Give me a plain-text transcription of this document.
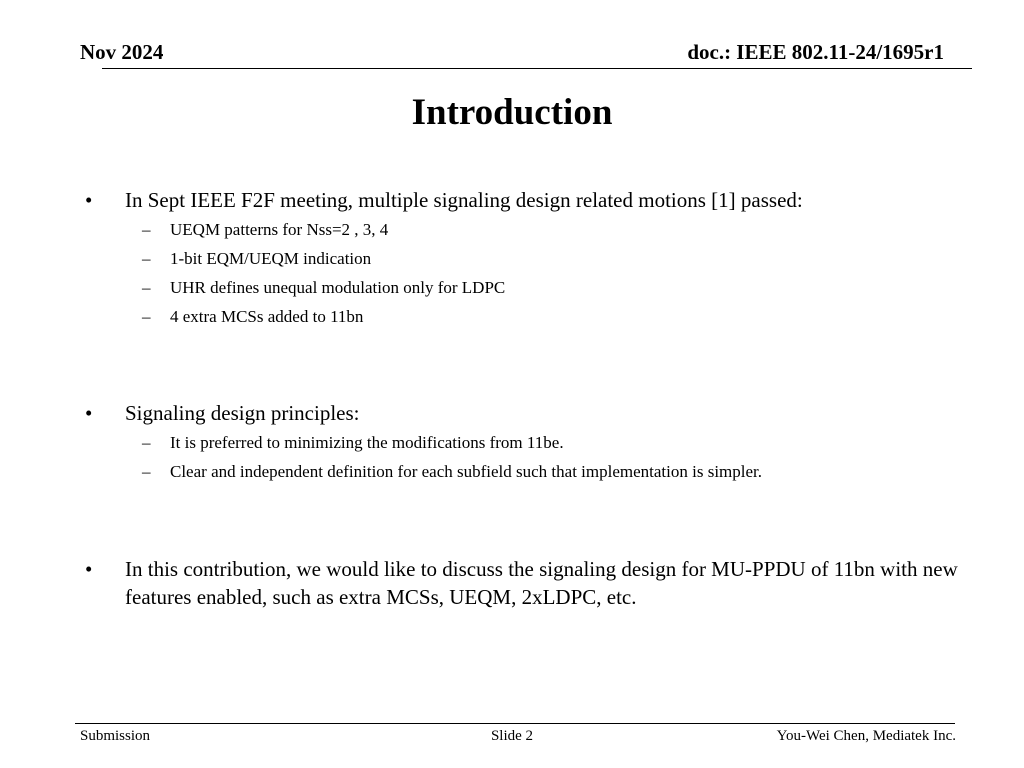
Nov 2024	doc.: IEEE 802.11-24/1695r1
Introduction
• In Sept IEEE F2F meeting, multiple signaling design related motions [1] passed:
– UEQM patterns for Nss=2 , 3, 4
– 1-bit EQM/UEQM indication
– UHR defines unequal modulation only for LDPC
– 4 extra MCSs added to 11bn
• Signaling design principles:
– It is preferred to minimizing the modifications from 11be.
– Clear and independent definition for each subfield such that implementation is simpler.
• In this contribution, we would like to discuss the signaling design for MU-PPDU of 11bn with new features enabled, such as extra MCSs, UEQM, 2xLDPC, etc.
Submission	Slide 2	You-Wei Chen, Mediatek Inc.
